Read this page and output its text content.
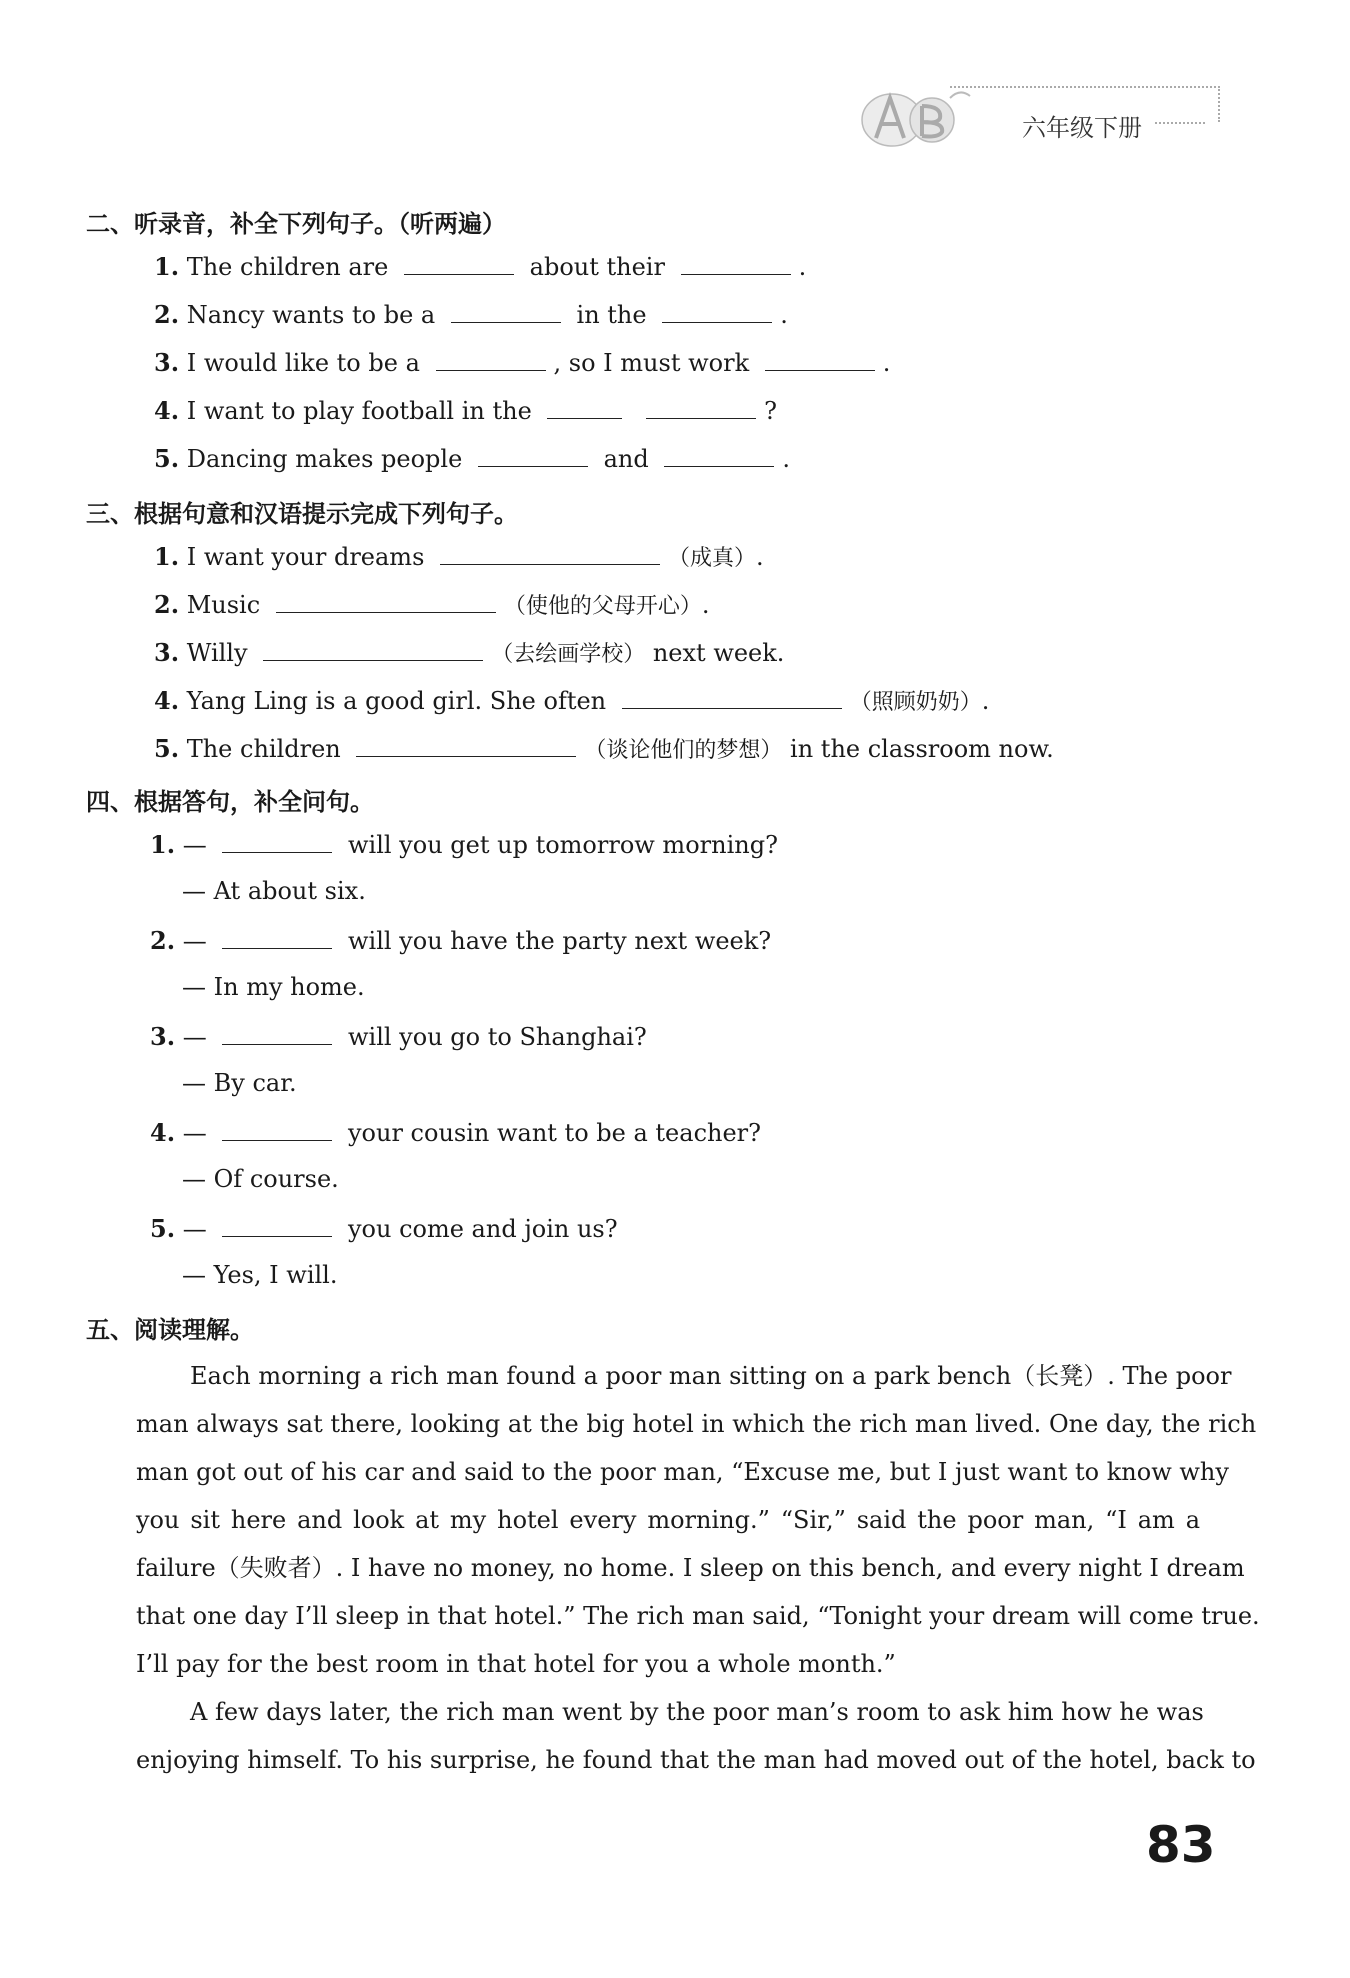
六年级下册
二、听录音，补全下列句子。（听两遍）
1. The children are	about their	.
2. Nancy wants to be a	in the	.
3. I would like to be a	, so I must work	.
4. I want to play football in the	?
5. Dancing makes people	and	.
三、根据句意和汉语提示完成下列句子。
1. I want your dreams	（成真）.
2. Music	（使他的父母开心）.
3. Willy	（去绘画学校） next week.
4. Yang Ling is a good girl. She often	（照顾奶奶）.
5. The children	（谈论他们的梦想） in the classroom now.
四、根据答句，补全问句。
1. —	will you get up tomorrow morning?
— At about six.
2. —	will you have the party next week?
— In my home.
3. —	will you go to Shanghai?
— By car.
4. —	your cousin want to be a teacher?
— Of course.
5. —	you come and join us?
— Yes, I will.
五、阅读理解。
Each morning a rich man found a poor man sitting on a park bench（长凳）. The poor
man always sat there, looking at the big hotel in which the rich man lived. One day, the rich
man got out of his car and said to the poor man, “Excuse me, but I just want to know why
you sit here and look at my hotel every morning.” “Sir,” said the poor man, “I am a
failure（失败者）. I have no money, no home. I sleep on this bench, and every night I dream
that one day I’ll sleep in that hotel.” The rich man said, “Tonight your dream will come true.
I’ll pay for the best room in that hotel for you a whole month.”
A few days later, the rich man went by the poor man’s room to ask him how he was
enjoying himself. To his surprise, he found that the man had moved out of the hotel, back to
83
